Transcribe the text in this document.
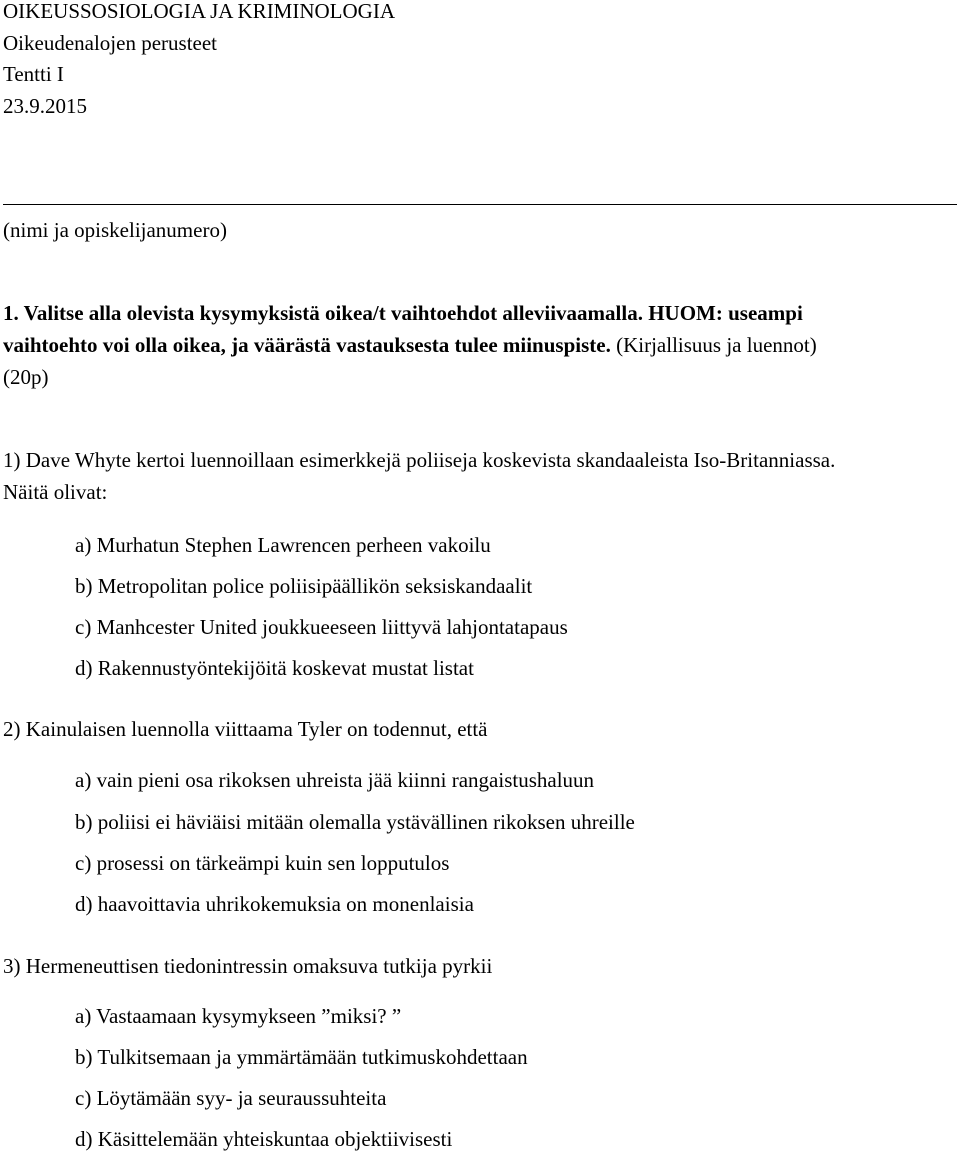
OIKEUSSOSIOLOGIA JA KRIMINOLOGIA
Oikeudenalojen perusteet
Tentti I
23.9.2015
(nimi ja opiskelijanumero)
1. Valitse alla olevista kysymyksistä oikea/t vaihtoehdot alleviivaamalla. HUOM: useampi
vaihtoehto voi olla oikea, ja väärästä vastauksesta tulee miinuspiste. (Kirjallisuus ja luennot)
(20p)
1) Dave Whyte kertoi luennoillaan esimerkkejä poliiseja koskevista skandaaleista Iso-Britanniassa.
Näitä olivat:
a) Murhatun Stephen Lawrencen perheen vakoilu
b) Metropolitan police poliisipäällikön seksiskandaalit
c) Manhcester United joukkueeseen liittyvä lahjontatapaus
d) Rakennustyöntekijöitä koskevat mustat listat
2) Kainulaisen luennolla viittaama Tyler on todennut, että
a) vain pieni osa rikoksen uhreista jää kiinni rangaistushaluun
b) poliisi ei häviäisi mitään olemalla ystävällinen rikoksen uhreille
c) prosessi on tärkeämpi kuin sen lopputulos
d) haavoittavia uhrikokemuksia on monenlaisia
3) Hermeneuttisen tiedonintressin omaksuva tutkija pyrkii
a) Vastaamaan kysymykseen ”miksi? ”
b) Tulkitsemaan ja ymmärtämään tutkimuskohdettaan
c) Löytämään syy- ja seuraussuhteita
d) Käsittelemään yhteiskuntaa objektiivisesti
